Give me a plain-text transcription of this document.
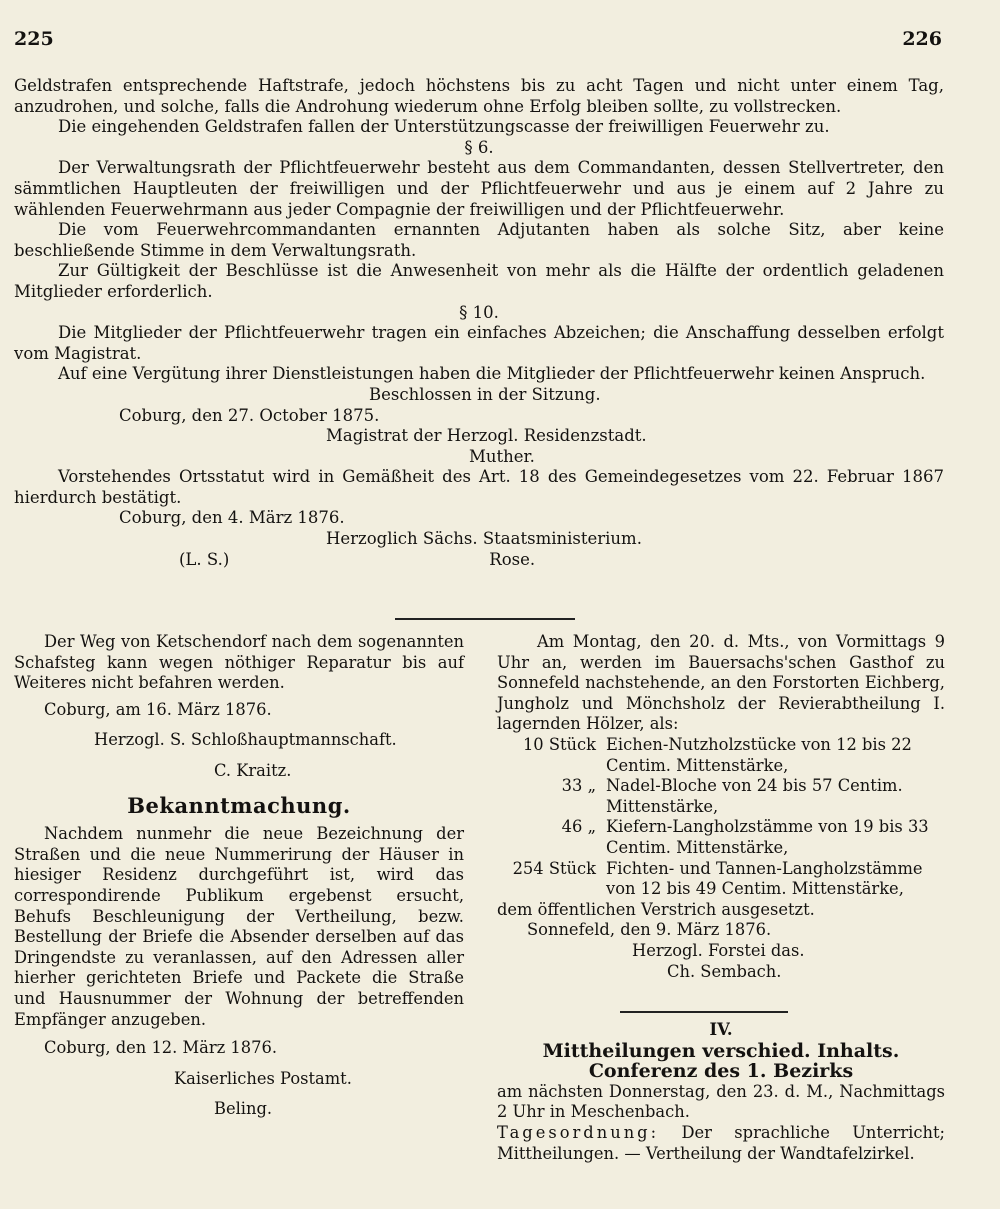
225	226

Geldstrafen entsprechende Haftstrafe, jedoch höchstens bis zu acht Tagen und nicht unter einem Tag, anzudrohen, und solche, falls die Androhung wiederum ohne Erfolg bleiben sollte, zu vollstrecken.

Die eingehenden Geldstrafen fallen der Unterstützungscasse der freiwilligen Feuerwehr zu.

§ 6.

Der Verwaltungsrath der Pflichtfeuerwehr besteht aus dem Commandanten, dessen Stellvertreter, den sämmtlichen Hauptleuten der freiwilligen und der Pflichtfeuerwehr und aus je einem auf 2 Jahre zu wählenden Feuerwehrmann aus jeder Compagnie der freiwilligen und der Pflichtfeuerwehr.

Die vom Feuerwehrcommandanten ernannten Adjutanten haben als solche Sitz, aber keine beschließende Stimme in dem Verwaltungsrath.

Zur Gültigkeit der Beschlüsse ist die Anwesenheit von mehr als die Hälfte der ordentlich geladenen Mitglieder erforderlich.

§ 10.

Die Mitglieder der Pflichtfeuerwehr tragen ein einfaches Abzeichen; die Anschaffung desselben erfolgt vom Magistrat.

Auf eine Vergütung ihrer Dienstleistungen haben die Mitglieder der Pflichtfeuerwehr keinen Anspruch.

Beschlossen in der Sitzung.

Coburg, den 27. October 1875.

Magistrat der Herzogl. Residenzstadt.

Muther.

Vorstehendes Ortsstatut wird in Gemäßheit des Art. 18 des Gemeindegesetzes vom 22. Februar 1867 hierdurch bestätigt.

Coburg, den 4. März 1876.

Herzoglich Sächs. Staatsministerium.

(L. S.)	Rose.

Der Weg von Ketschendorf nach dem sogenannten Schafsteg kann wegen nöthiger Reparatur bis auf Weiteres nicht befahren werden.

Coburg, am 16. März 1876.

Herzogl. S. Schloßhauptmannschaft.

C. Kraitz.

Bekanntmachung.

Nachdem nunmehr die neue Bezeichnung der Straßen und die neue Nummerirung der Häuser in hiesiger Residenz durchgeführt ist, wird das correspondirende Publikum ergebenst ersucht, Behufs Beschleunigung der Vertheilung, bezw. Bestellung der Briefe die Absender derselben auf das Dringendste zu veranlassen, auf den Adressen aller hierher gerichteten Briefe und Packete die Straße und Hausnummer der Wohnung der betreffenden Empfänger anzugeben.

Coburg, den 12. März 1876.

Kaiserliches Postamt.

Beling.

Am Montag, den 20. d. Mts., von Vormittags 9 Uhr an, werden im Bauersachs'schen Gasthof zu Sonnefeld nachstehende, an den Forstorten Eichberg, Jungholz und Mönchsholz der Revierabtheilung I. lagernden Hölzer, als:

10 Stück	Eichen-Nutzholzstücke von 12 bis 22 Centim. Mittenstärke,
33 „	Nadel-Bloche von 24 bis 57 Centim. Mittenstärke,
46 „	Kiefern-Langholzstämme von 19 bis 33 Centim. Mittenstärke,
254 Stück	Fichten- und Tannen-Langholzstämme von 12 bis 49 Centim. Mittenstärke,

dem öffentlichen Verstrich ausgesetzt.

Sonnefeld, den 9. März 1876.

Herzogl. Forstei das.

Ch. Sembach.

IV.

Mittheilungen verschied. Inhalts.

Conferenz des 1. Bezirks

am nächsten Donnerstag, den 23. d. M., Nachmittags 2 Uhr in Meschenbach.

Tagesordnung: Der sprachliche Unterricht; Mittheilungen. — Vertheilung der Wandtafelzirkel.
